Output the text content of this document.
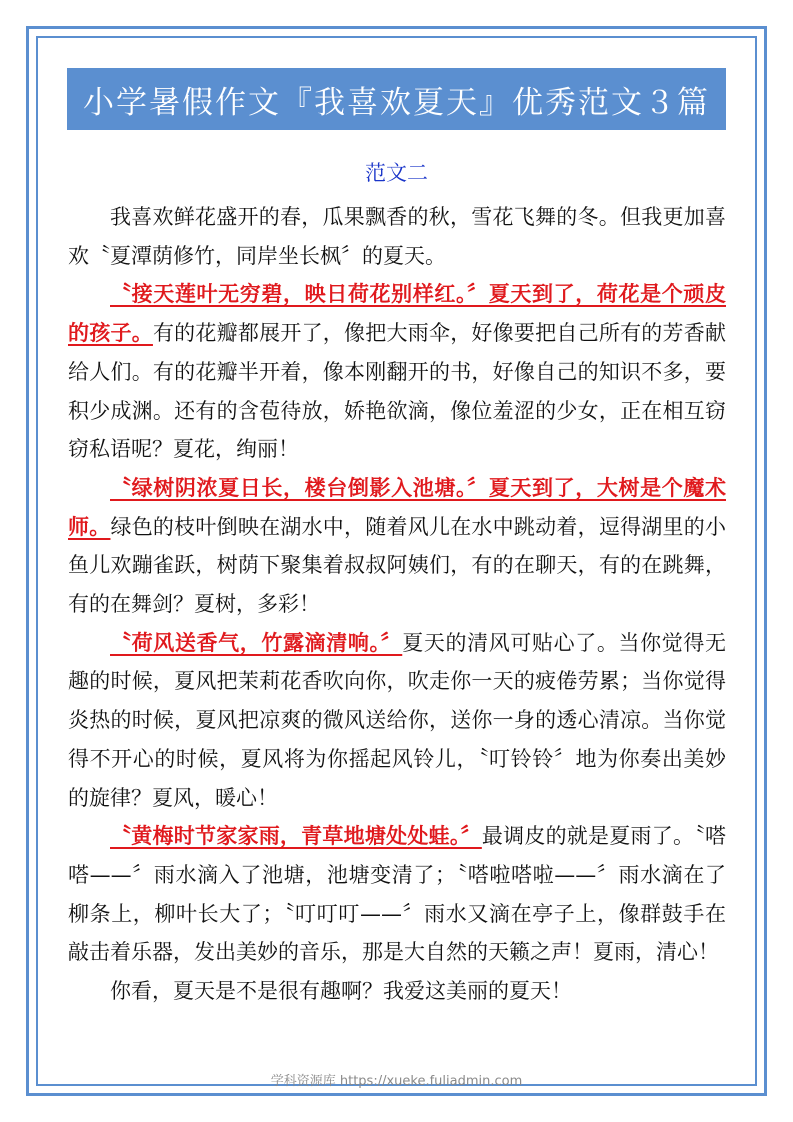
小学暑假作文『我喜欢夏天』优秀范文３篇
范文二

我喜欢鲜花盛开的春，瓜果飘香的秋，雪花飞舞的冬。但我更加喜欢〝夏潭荫修竹，同岸坐长枫〞的夏天。

〝接天莲叶无穷碧，映日荷花别样红。〞夏天到了，荷花是个顽皮的孩子。有的花瓣都展开了，像把大雨伞，好像要把自己所有的芳香献给人们。有的花瓣半开着，像本刚翻开的书，好像自己的知识不多，要积少成渊。还有的含苞待放，娇艳欲滴，像位羞涩的少女，正在相互窃窃私语呢？夏花，绚丽！

〝绿树阴浓夏日长，楼台倒影入池塘。〞夏天到了，大树是个魔术师。绿色的枝叶倒映在湖水中，随着风儿在水中跳动着，逗得湖里的小鱼儿欢蹦雀跃，树荫下聚集着叔叔阿姨们，有的在聊天，有的在跳舞，有的在舞剑？夏树，多彩！

〝荷风送香气，竹露滴清响。〞夏天的清风可贴心了。当你觉得无趣的时候，夏风把茉莉花香吹向你，吹走你一天的疲倦劳累；当你觉得炎热的时候，夏风把凉爽的微风送给你，送你一身的透心清凉。当你觉得不开心的时候，夏风将为你摇起风铃儿，〝叮铃铃〞地为你奏出美妙的旋律？夏风，暖心！

〝黄梅时节家家雨，青草地塘处处蛙。〞最调皮的就是夏雨了。〝嗒嗒——〞雨水滴入了池塘，池塘变清了；〝嗒啦嗒啦——〞雨水滴在了柳条上，柳叶长大了；〝叮叮叮——〞雨水又滴在亭子上，像群鼓手在敲击着乐器，发出美妙的音乐，那是大自然的天籁之声！夏雨，清心！

你看，夏天是不是很有趣啊？我爱这美丽的夏天！

学科资源库 https://xueke.fuliadmin.com
